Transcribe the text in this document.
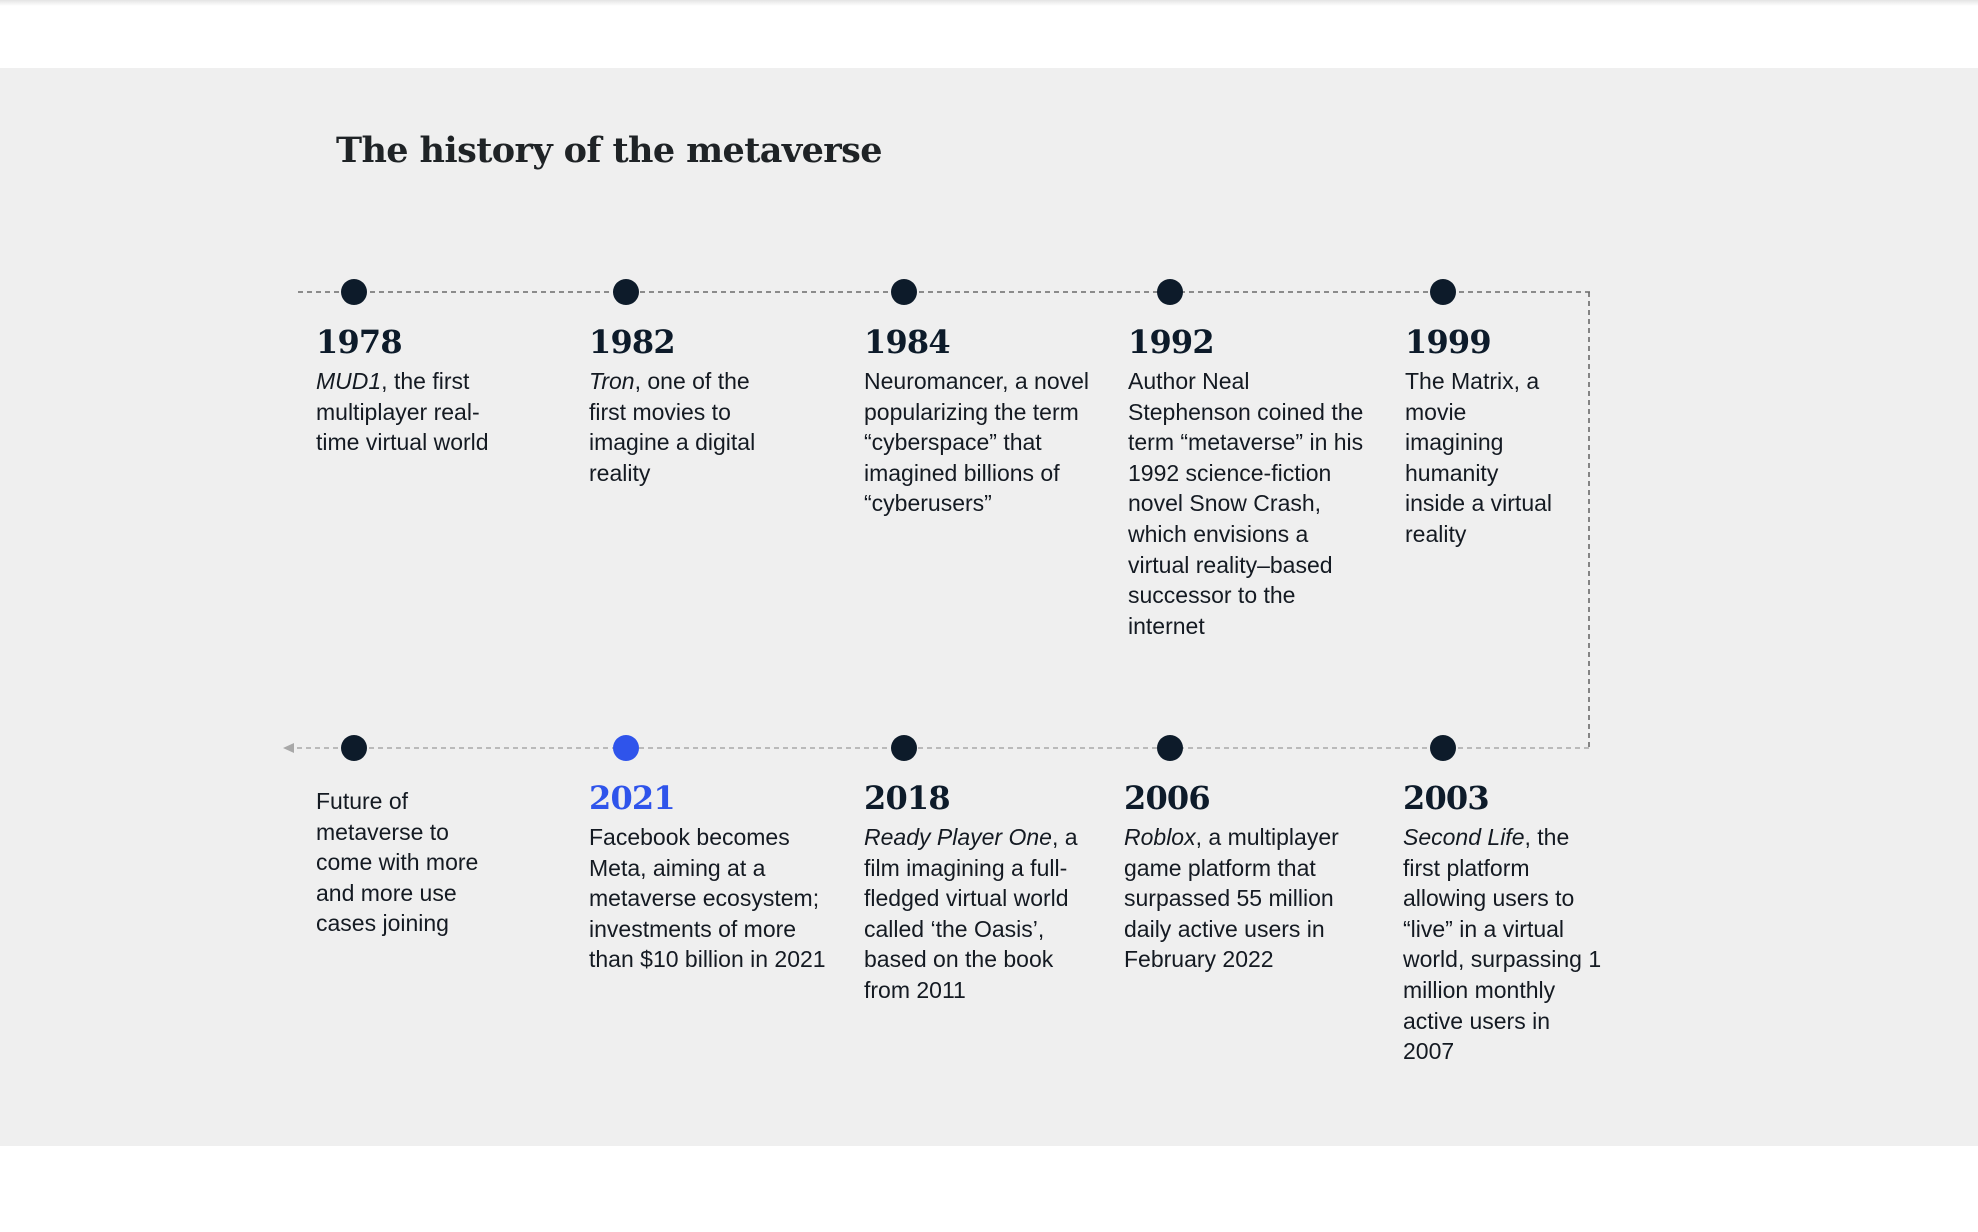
The history of the metaverse
1978

MUD1, the first multiplayer real-time virtual world

1982

Tron, one of the first movies to imagine a digital reality

1984

Neuromancer, a novel popularizing the term “cyberspace” that imagined billions of “cyberusers”

1992

Author Neal Stephenson coined the term “metaverse” in his 1992 science-fiction novel Snow Crash, which envisions a virtual reality–based successor to the internet

1999

The Matrix, a movie imagining humanity inside a virtual reality

2003

Second Life, the first platform allowing users to “live” in a virtual world, surpassing 1 million monthly active users in 2007

2006

Roblox, a multiplayer game platform that surpassed 55 million daily active users in February 2022

2018

Ready Player One, a film imagining a full-fledged virtual world called ‘the Oasis’, based on the book from 2011

2021

Facebook becomes Meta, aiming at a metaverse ecosystem; investments of more than $10 billion in 2021

Future of metaverse to come with more and more use cases joining
